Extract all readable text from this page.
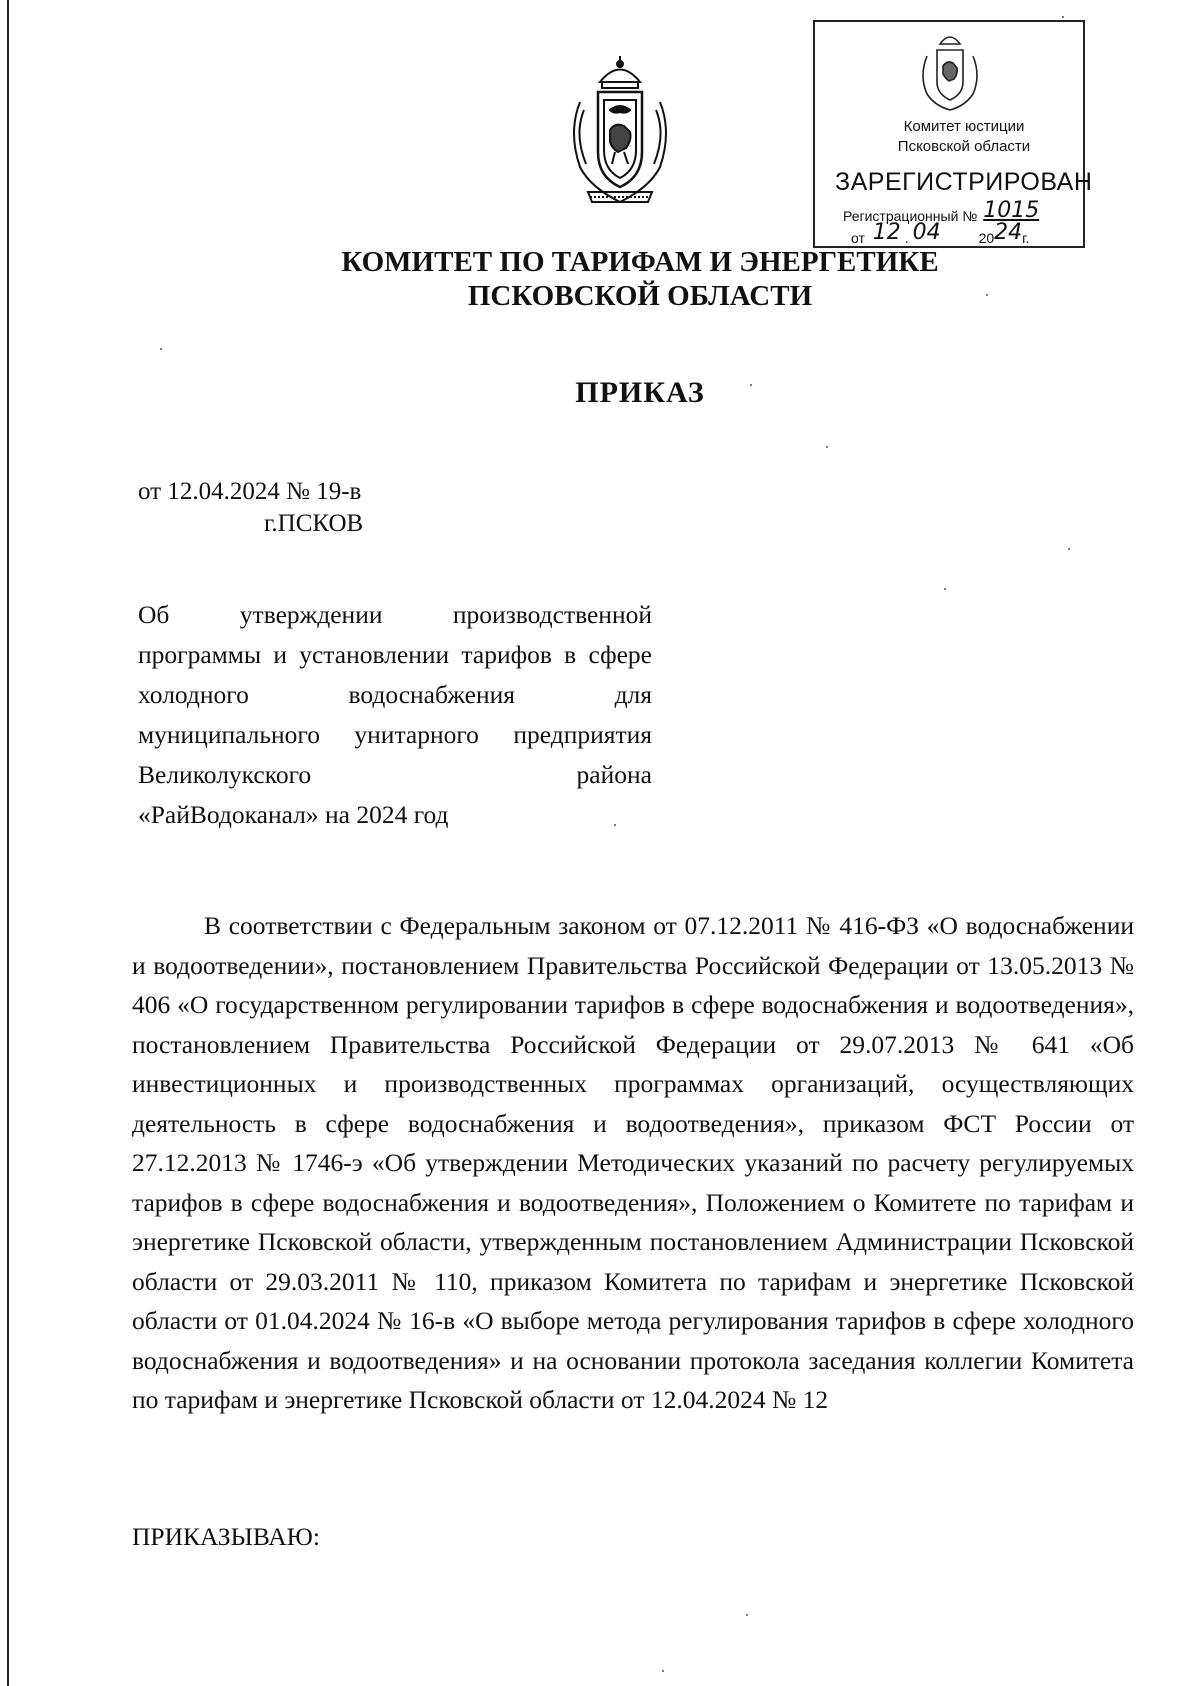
Комитет юстиции
Псковской области
ЗАРЕГИСТРИРОВАН
Регистрационный № 1015
от 12 . 04	2024г.
КОМИТЕТ ПО ТАРИФАМ И ЭНЕРГЕТИКЕ
ПСКОВСКОЙ ОБЛАСТИ
ПРИКАЗ
от 12.04.2024 № 19-в
г.ПСКОВ
Об утверждении производственной программы и установлении тарифов в сфере холодного водоснабжения для муниципального унитарного предприятия Великолукского района
«РайВодоканал» на 2024 год

В соответствии с Федеральным законом от 07.12.2011 № 416-ФЗ «О водоснабжении и водоотведении», постановлением Правительства Российской Федерации от 13.05.2013 № 406 «О государственном регулировании тарифов в сфере водоснабжения и водоотведения», постановлением Правительства Российской Федерации от 29.07.2013 № 641 «Об инвестиционных и производственных программах организаций, осуществляющих деятельность в сфере водоснабжения и водоотведения», приказом ФСТ России от 27.12.2013 № 1746-э «Об утверждении Методических указаний по расчету регулируемых тарифов в сфере водоснабжения и водоотведения», Положением о Комитете по тарифам и энергетике Псковской области, утвержденным постановлением Администрации Псковской области от 29.03.2011 № 110, приказом Комитета по тарифам и энергетике Псковской области от 01.04.2024 № 16-в «О выборе метода регулирования тарифов в сфере холодного водоснабжения и водоотведения» и на основании протокола заседания коллегии Комитета по тарифам и энергетике Псковской области от 12.04.2024 № 12

ПРИКАЗЫВАЮ:
